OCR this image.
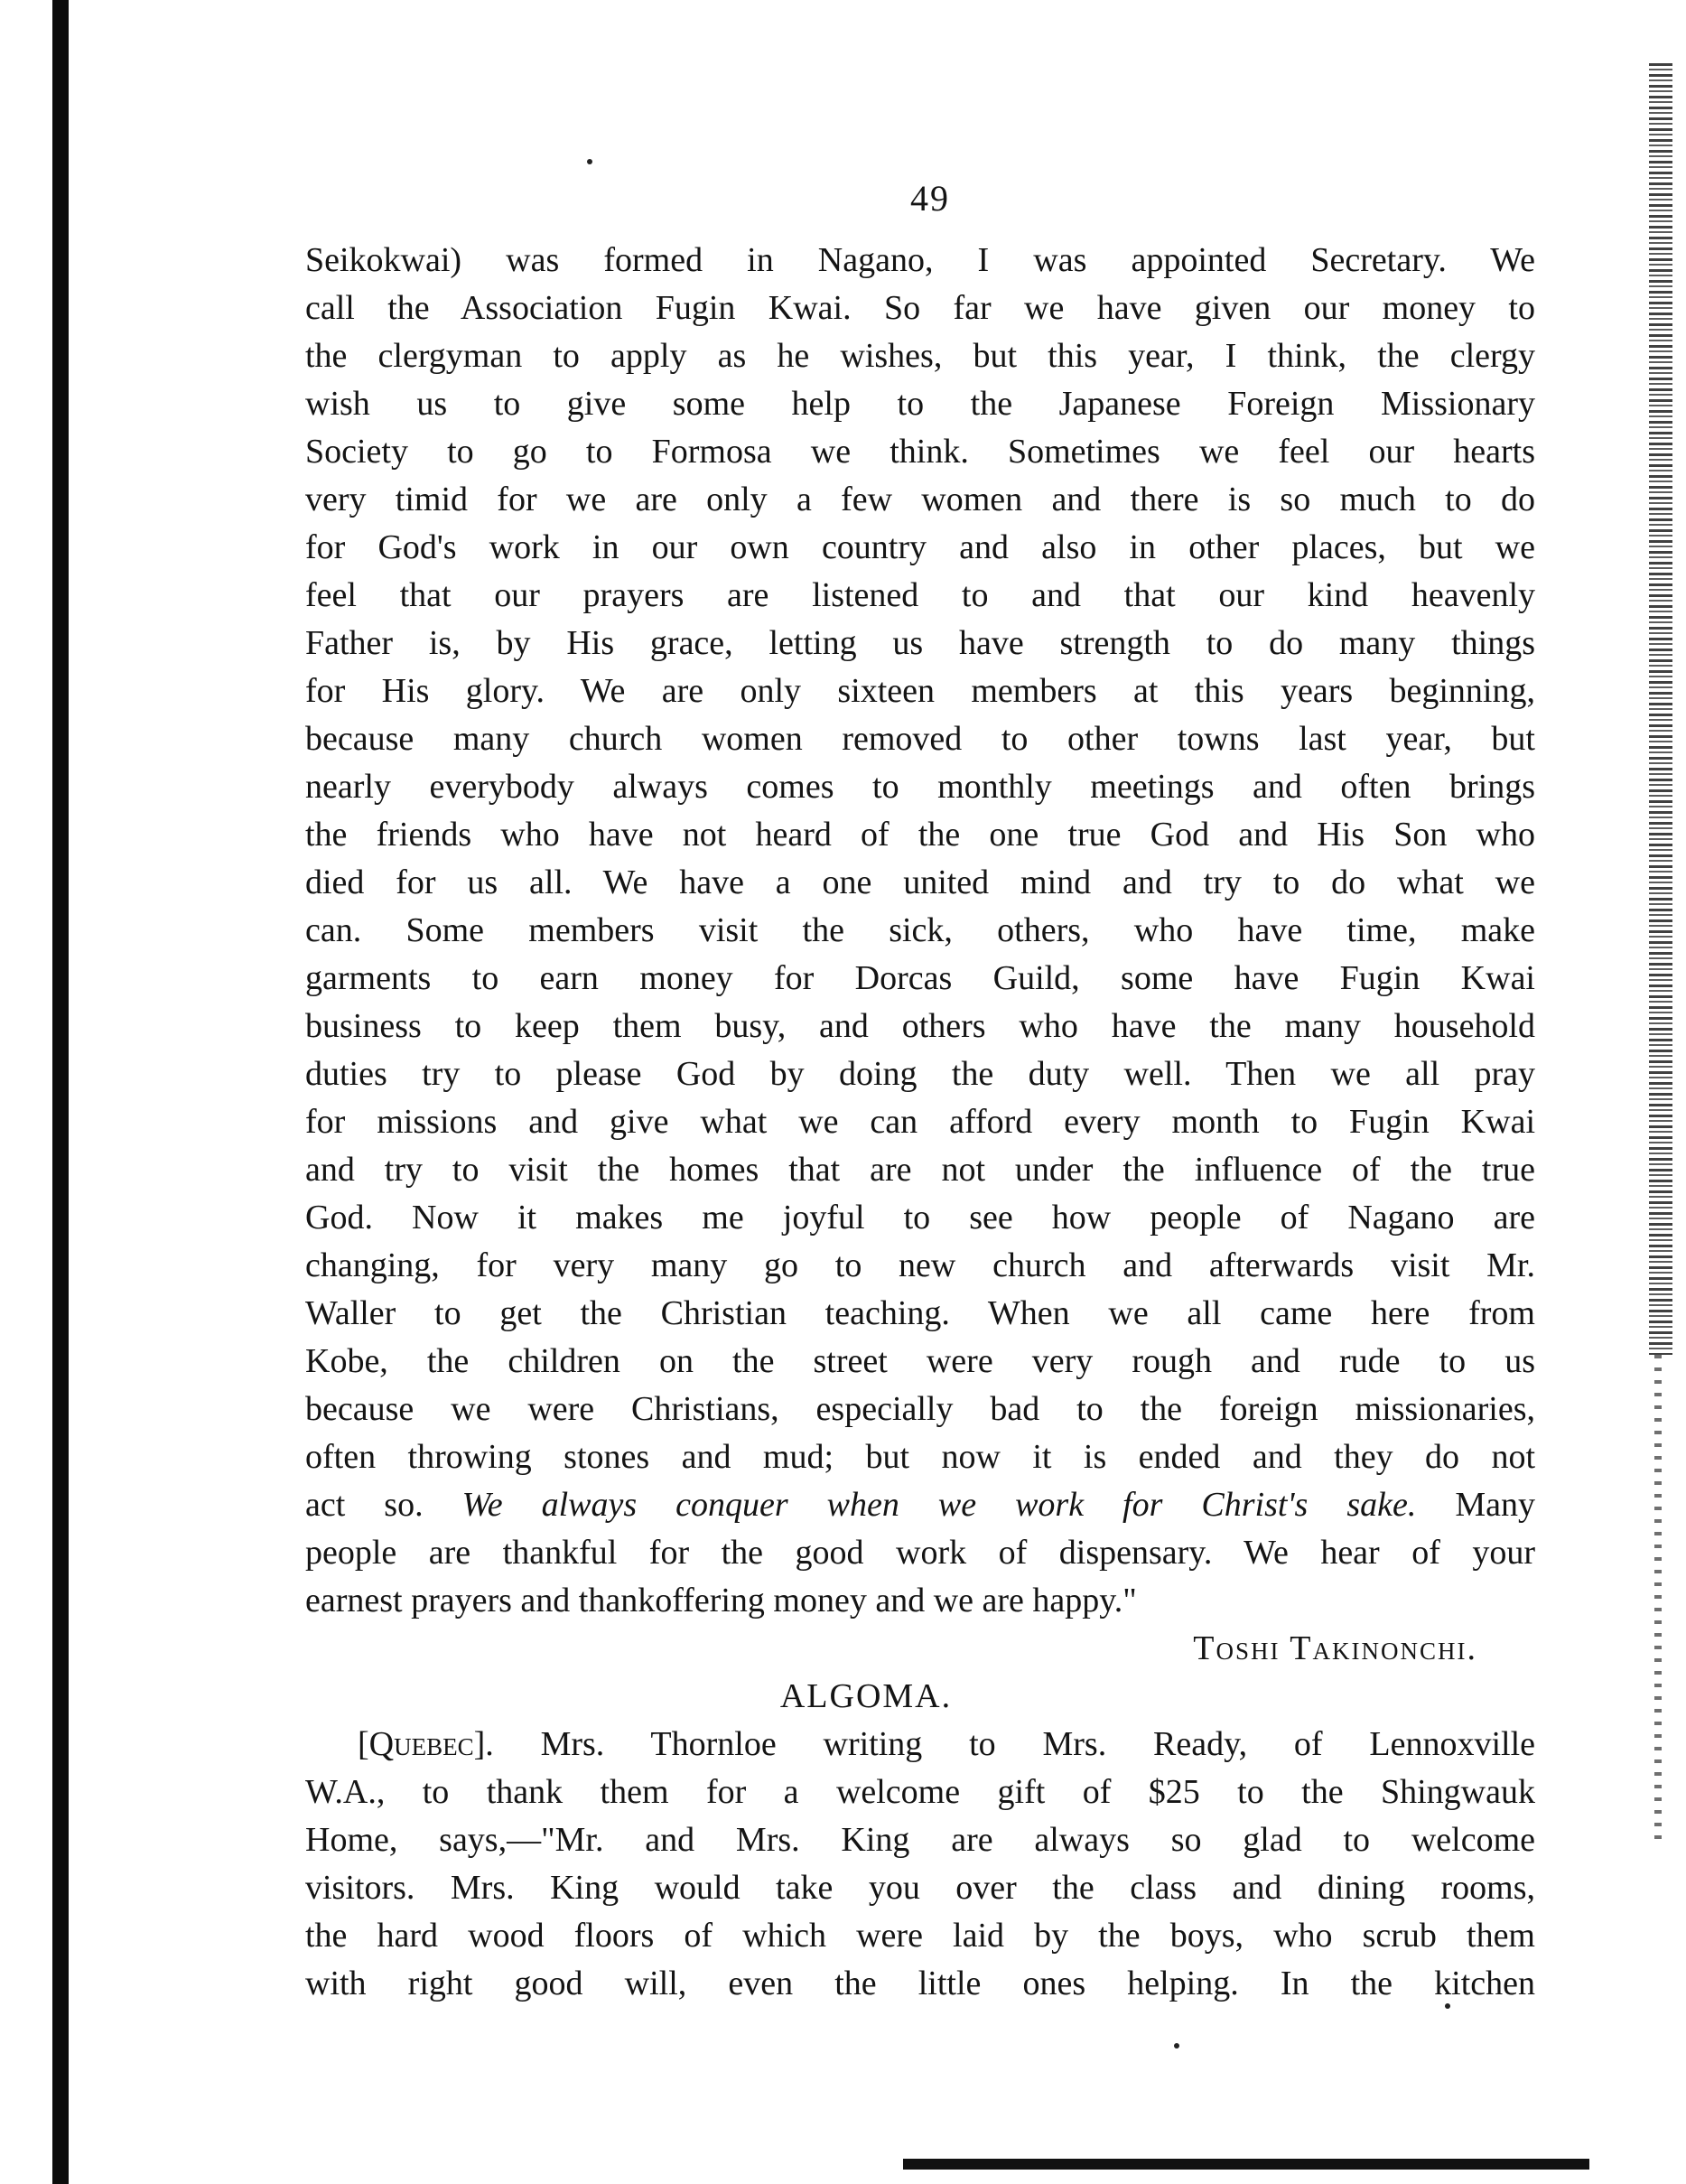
49
Seikokwai) was formed in Nagano, I was appointed Secretary. We
call the Association Fugin Kwai. So far we have given our money to
the clergyman to apply as he wishes, but this year, I think, the clergy
wish us to give some help to the Japanese Foreign Missionary
Society to go to Formosa we think. Sometimes we feel our hearts
very timid for we are only a few women and there is so much to do
for God's work in our own country and also in other places, but we
feel that our prayers are listened to and that our kind heavenly
Father is, by His grace, letting us have strength to do many things
for His glory. We are only sixteen members at this years beginning,
because many church women removed to other towns last year, but
nearly everybody always comes to monthly meetings and often brings
the friends who have not heard of the one true God and His Son who
died for us all. We have a one united mind and try to do what we
can. Some members visit the sick, others, who have time, make
garments to earn money for Dorcas Guild, some have Fugin Kwai
business to keep them busy, and others who have the many household
duties try to please God by doing the duty well. Then we all pray
for missions and give what we can afford every month to Fugin Kwai
and try to visit the homes that are not under the influence of the true
God. Now it makes me joyful to see how people of Nagano are
changing, for very many go to new church and afterwards visit Mr.
Waller to get the Christian teaching. When we all came here from
Kobe, the children on the street were very rough and rude to us
because we were Christians, especially bad to the foreign missionaries,
often throwing stones and mud; but now it is ended and they do not
act so. We always conquer when we work for Christ's sake. Many
people are thankful for the good work of dispensary. We hear of your
earnest prayers and thankoffering money and we are happy."
Toshi Takinonchi.
ALGOMA.
[Quebec]. Mrs. Thornloe writing to Mrs. Ready, of Lennoxville
W.A., to thank them for a welcome gift of $25 to the Shingwauk
Home, says,—"Mr. and Mrs. King are always so glad to welcome
visitors. Mrs. King would take you over the class and dining rooms,
the hard wood floors of which were laid by the boys, who scrub them
with right good will, even the little ones helping. In the kitchen
